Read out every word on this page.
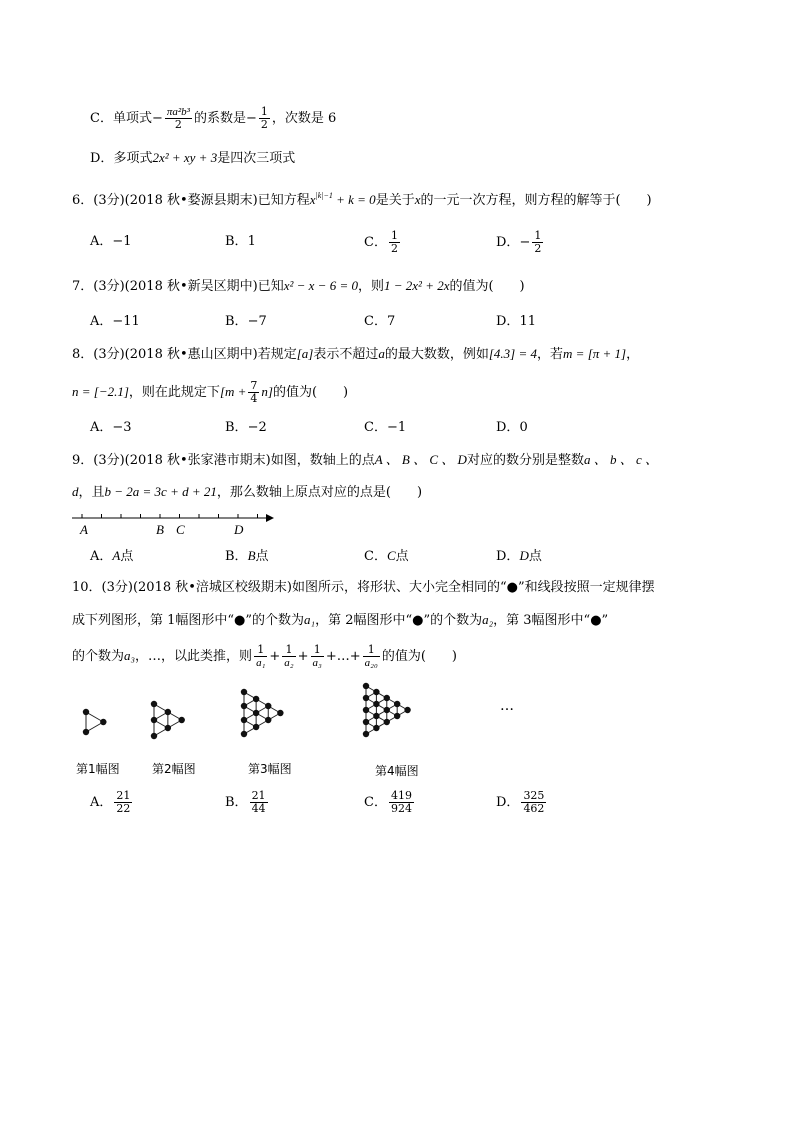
C．单项式− $\frac{\text{πa²b³}}{2}$ 的系数是− $\frac{1}{2}$ ，次数是 6
D．多项式2x² + xy + 3是四次三项式
6．(3分)(2018 秋•婺源县期末)已知方程$x^{|k|-1} + k = 0$是关于x的一元一次方程，则方程的解等于(　　)
A．−1	B．1	C． $\frac{1}{2}$	D．− $\frac{1}{2}$
7．(3分)(2018 秋•新吴区期中)已知x² − x − 6 = 0，则1 − 2x² + 2x的值为(　　)
A．−11	B．−7	C．7	D．11
8．(3分)(2018 秋•惠山区期中)若规定[a]表示不超过a的最大数数，例如[4.3] = 4，若m = [π + 1]，
n = [−2.1]，则在此规定下$[m + \frac{7}{4} n]$的值为(　　)
A．−3	B．−2	C．−1	D．0
9．(3分)(2018 秋•张家港市期末)如图，数轴上的点A 、 B 、 C 、 D对应的数分别是整数a 、 b 、 c 、
d，且b − 2a = 3c + d + 21，那么数轴上原点对应的点是(　　)
A	B C	D
A．A点	B．B点	C．C点	D．D点
10．(3分)(2018 秋•涪城区校级期末)如图所示，将形状、大小完全相同的“●”和线段按照一定规律摆
成下列图形，第 1幅图形中“●”的个数为a₁，第 2幅图形中“●”的个数为a₂，第 3幅图形中“●”
的个数为a₃，…，以此类推，则 $\frac{1}{\text{a₁}} + \frac{1}{\text{a₂}} + \frac{1}{\text{a₃}}$ +…+ $\frac{1}{\text{a₂₀}}$ 的值为(　　)
…
第1幅图	第2幅图	第3幅图	第4幅图
A． $\frac{21}{22}$	B． $\frac{21}{44}$	C． $\frac{419}{924}$	D． $\frac{325}{462}$
